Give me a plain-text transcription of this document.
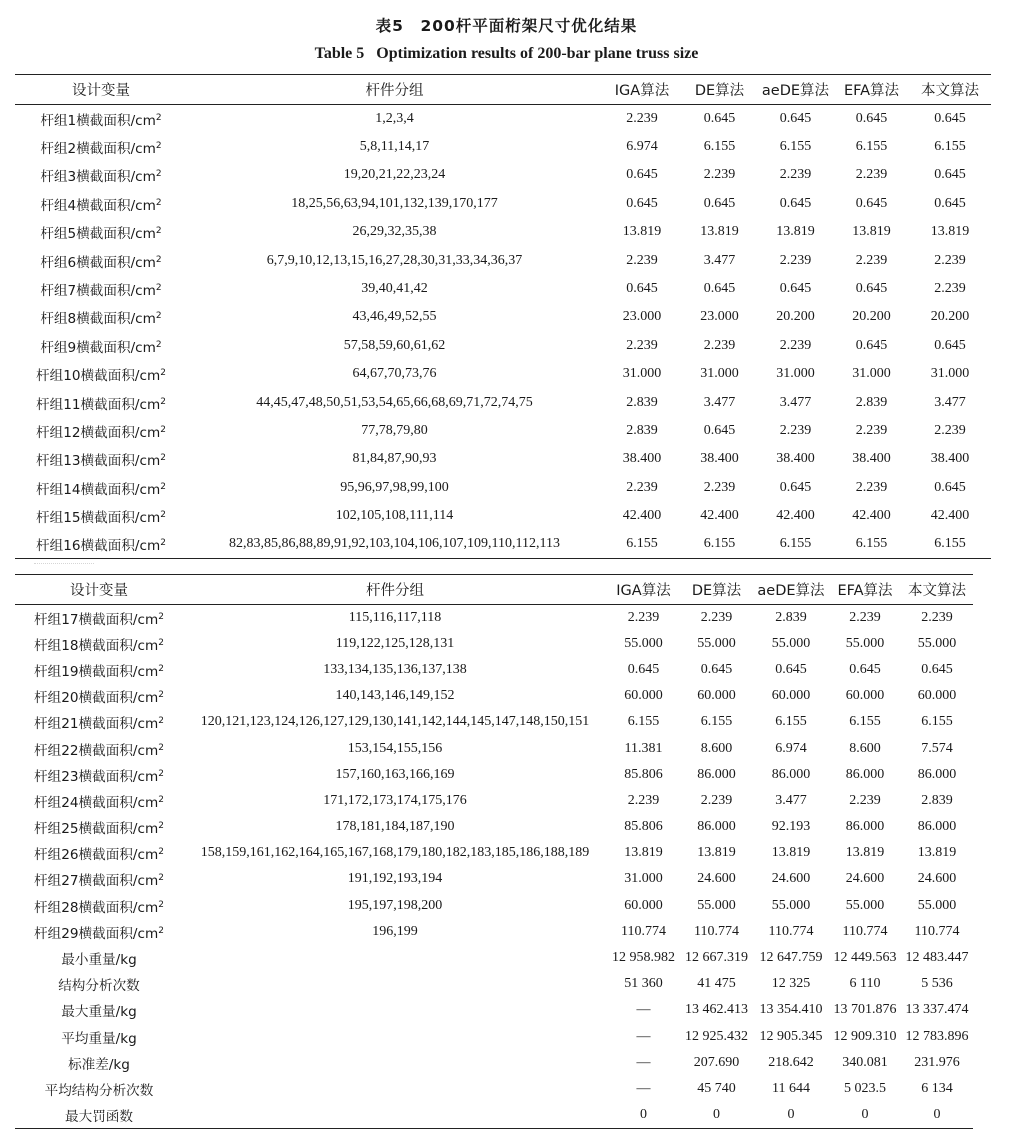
表5　200杆平面桁架尺寸优化结果
Table 5 Optimization results of 200-bar plane truss size
设计变量	杆件分组	IGA算法	DE算法	aeDE算法	EFA算法	本文算法
杆组1横截面积$/cm^2$	1,2,3,4	2.239	0.645	0.645	0.645	0.645
杆组2横截面积$/cm^2$	5,8,11,14,17	6.974	6.155	6.155	6.155	6.155
杆组3横截面积$/cm^2$	19,20,21,22,23,24	0.645	2.239	2.239	2.239	0.645
杆组4横截面积$/cm^2$	18,25,56,63,94,101,132,139,170,177	0.645	0.645	0.645	0.645	0.645
杆组5横截面积$/cm^2$	26,29,32,35,38	13.819	13.819	13.819	13.819	13.819
杆组6横截面积$/cm^2$	6,7,9,10,12,13,15,16,27,28,30,31,33,34,36,37	2.239	3.477	2.239	2.239	2.239
杆组7横截面积$/cm^2$	39,40,41,42	0.645	0.645	0.645	0.645	2.239
杆组8横截面积$/cm^2$	43,46,49,52,55	23.000	23.000	20.200	20.200	20.200
杆组9横截面积$/cm^2$	57,58,59,60,61,62	2.239	2.239	2.239	0.645	0.645
杆组10横截面积$/cm^2$	64,67,70,73,76	31.000	31.000	31.000	31.000	31.000
杆组11横截面积$/cm^2$	44,45,47,48,50,51,53,54,65,66,68,69,71,72,74,75	2.839	3.477	3.477	2.839	3.477
杆组12横截面积$/cm^2$	77,78,79,80	2.839	0.645	2.239	2.239	2.239
杆组13横截面积$/cm^2$	81,84,87,90,93	38.400	38.400	38.400	38.400	38.400
杆组14横截面积$/cm^2$	95,96,97,98,99,100	2.239	2.239	0.645	2.239	0.645
杆组15横截面积$/cm^2$	102,105,108,111,114	42.400	42.400	42.400	42.400	42.400
杆组16横截面积$/cm^2$	82,83,85,86,88,89,91,92,103,104,106,107,109,110,112,113	6.155	6.155	6.155	6.155	6.155
设计变量	杆件分组	IGA算法	DE算法	aeDE算法	EFA算法	本文算法
杆组17横截面积$/cm^2$	115,116,117,118	2.239	2.239	2.839	2.239	2.239
杆组18横截面积$/cm^2$	119,122,125,128,131	55.000	55.000	55.000	55.000	55.000
杆组19横截面积$/cm^2$	133,134,135,136,137,138	0.645	0.645	0.645	0.645	0.645
杆组20横截面积$/cm^2$	140,143,146,149,152	60.000	60.000	60.000	60.000	60.000
杆组21横截面积$/cm^2$	120,121,123,124,126,127,129,130,141,142,144,145,147,148,150,151	6.155	6.155	6.155	6.155	6.155
杆组22横截面积$/cm^2$	153,154,155,156	11.381	8.600	6.974	8.600	7.574
杆组23横截面积$/cm^2$	157,160,163,166,169	85.806	86.000	86.000	86.000	86.000
杆组24横截面积$/cm^2$	171,172,173,174,175,176	2.239	2.239	3.477	2.239	2.839
杆组25横截面积$/cm^2$	178,181,184,187,190	85.806	86.000	92.193	86.000	86.000
杆组26横截面积$/cm^2$	158,159,161,162,164,165,167,168,179,180,182,183,185,186,188,189	13.819	13.819	13.819	13.819	13.819
杆组27横截面积$/cm^2$	191,192,193,194	31.000	24.600	24.600	24.600	24.600
杆组28横截面积$/cm^2$	195,197,198,200	60.000	55.000	55.000	55.000	55.000
杆组29横截面积$/cm^2$	196,199	110.774	110.774	110.774	110.774	110.774
最小重量/kg		12 958.982	12 667.319	12 647.759	12 449.563	12 483.447
结构分析次数		51 360	41 475	12 325	6 110	5 536
最大重量/kg		—	13 462.413	13 354.410	13 701.876	13 337.474
平均重量/kg		—	12 925.432	12 905.345	12 909.310	12 783.896
标准差/kg		—	207.690	218.642	340.081	231.976
平均结构分析次数		—	45 740	11 644	5 023.5	6 134
最大罚函数		0	0	0	0	0
